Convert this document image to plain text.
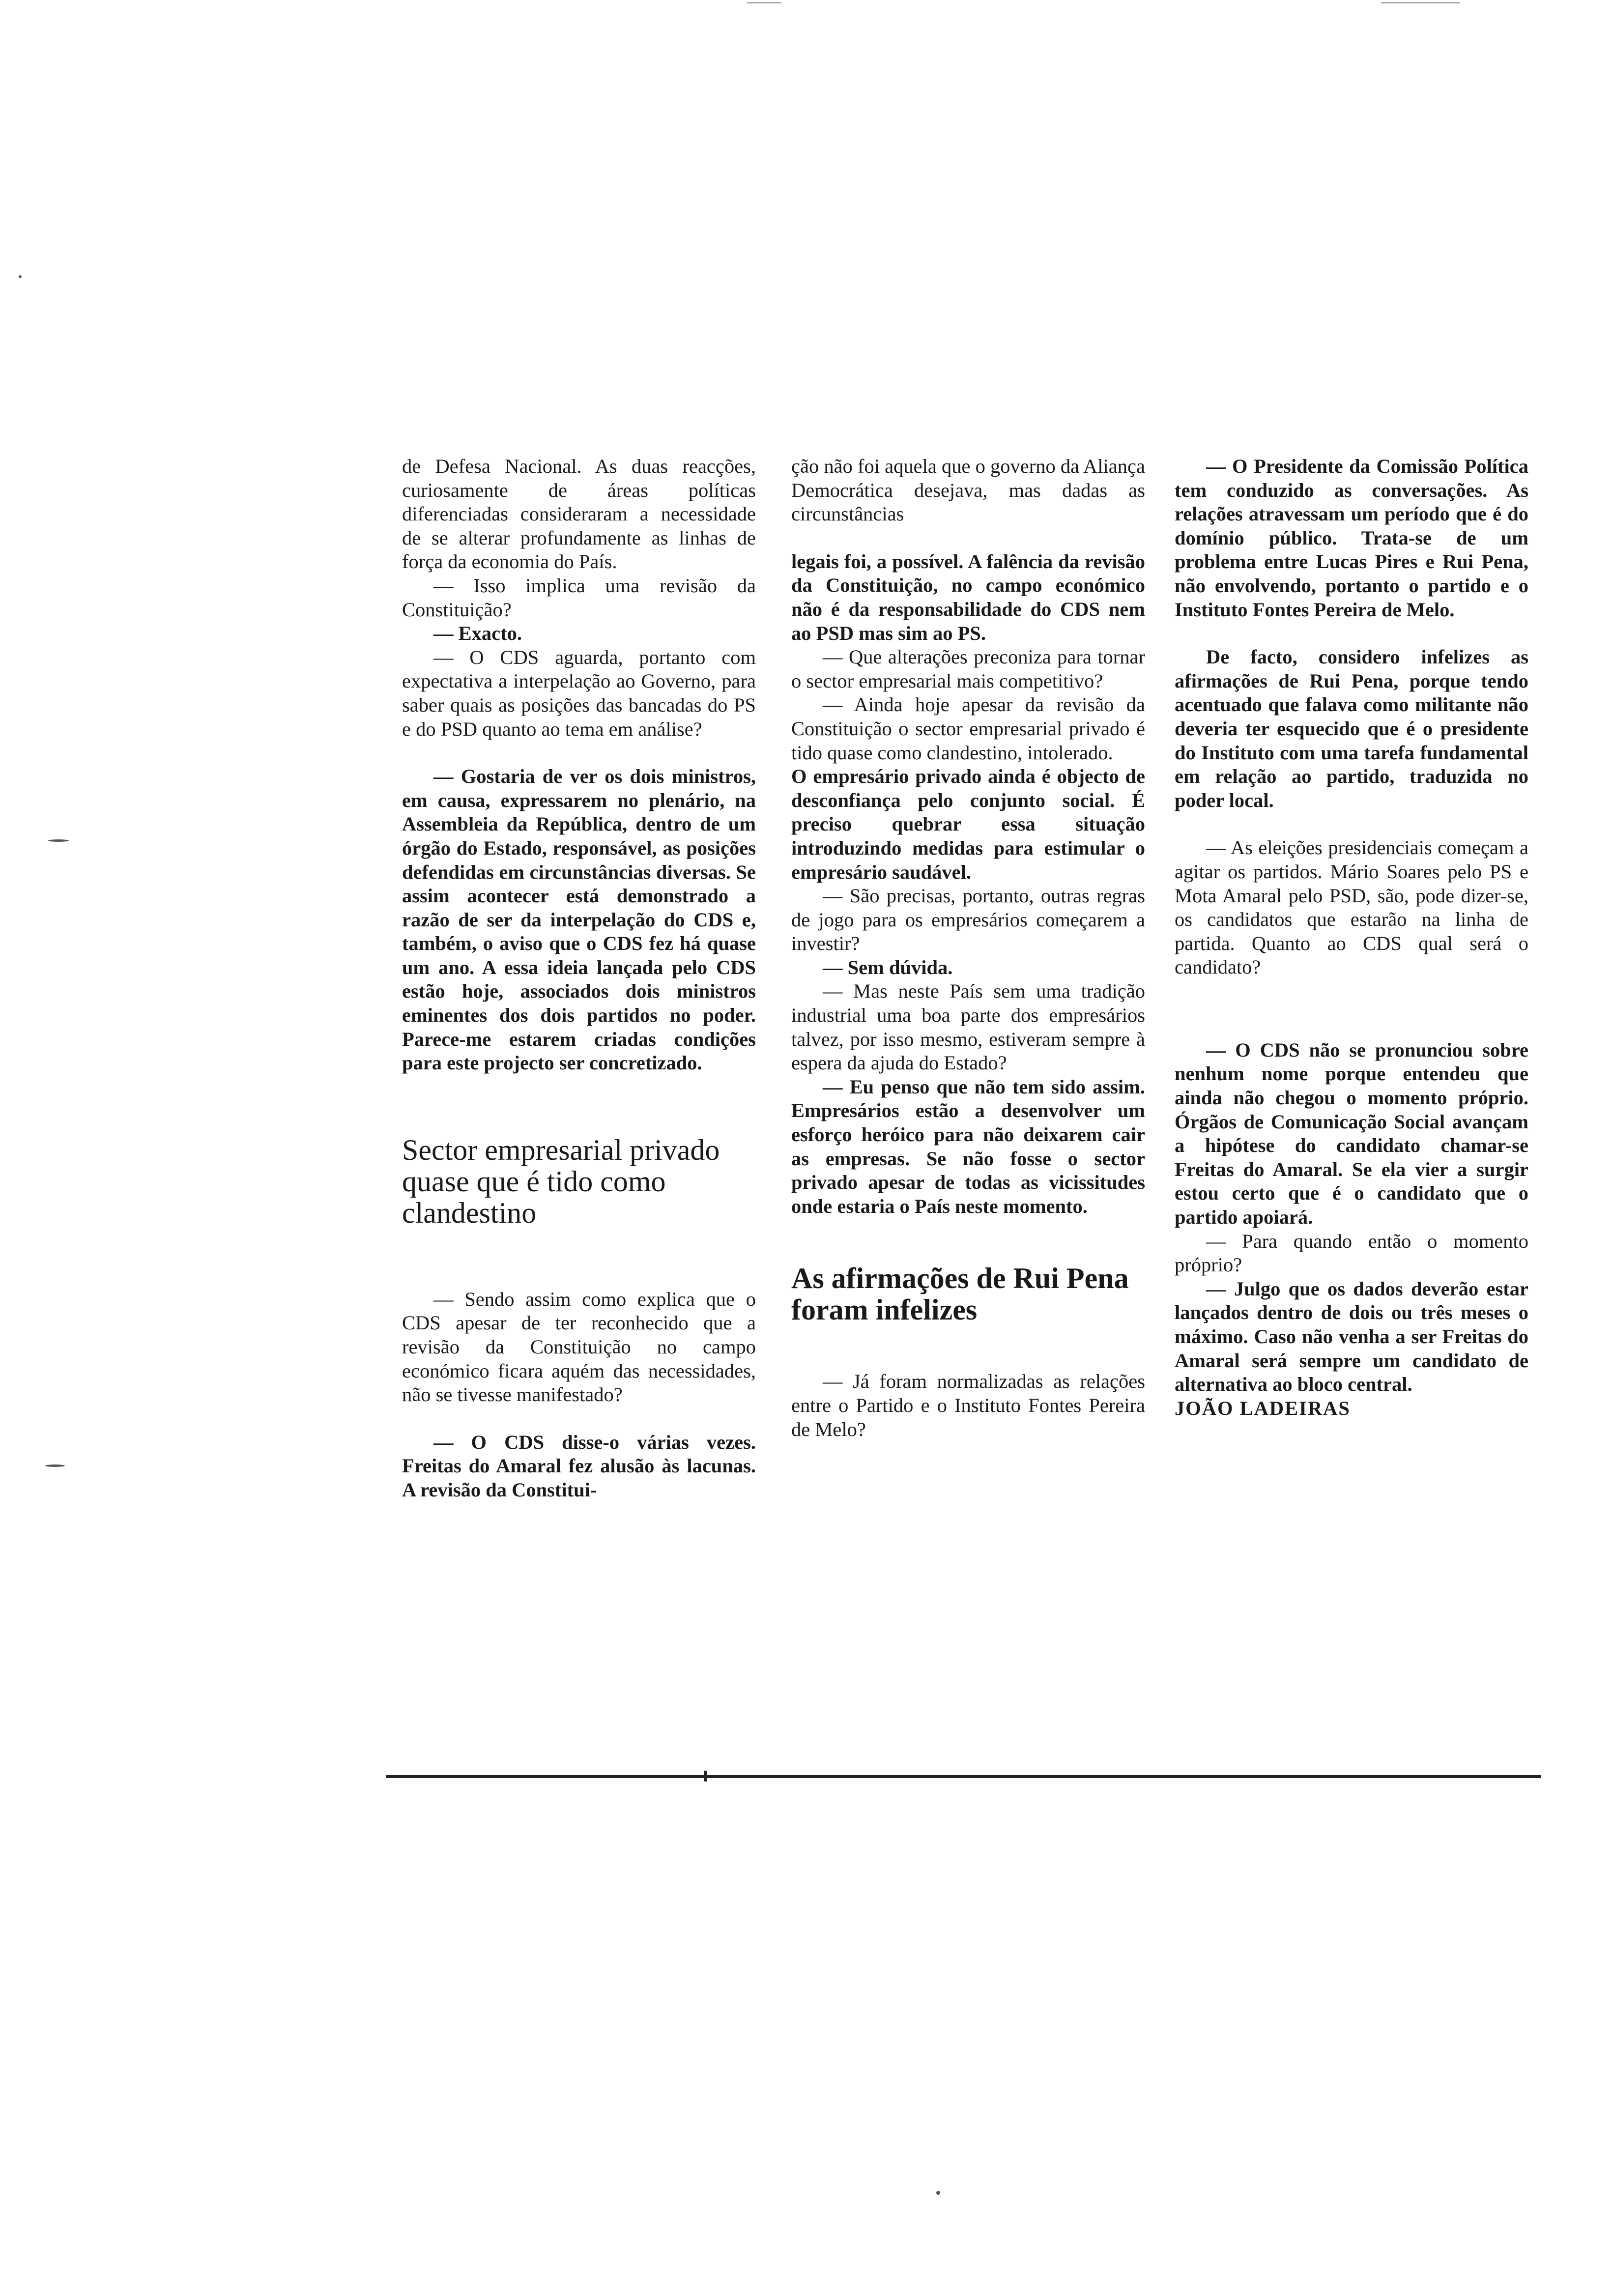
de Defesa Nacional. As duas reacções, curiosamente de áreas políticas diferenciadas consideraram a necessidade de se alterar profundamente as linhas de força da economia do País.

— Isso implica uma revisão da Constituição?

— Exacto.

— O CDS aguarda, portanto com expectativa a interpelação ao Governo, para saber quais as posições das bancadas do PS e do PSD quanto ao tema em análise?

— Gostaria de ver os dois ministros, em causa, expressarem no plenário, na Assembleia da República, dentro de um órgão do Estado, responsável, as posições defendidas em circunstâncias diversas. Se assim acontecer está demonstrado a razão de ser da interpelação do CDS e, também, o aviso que o CDS fez há quase um ano. A essa ideia lançada pelo CDS estão hoje, associados dois ministros eminentes dos dois partidos no poder. Parece-me estarem criadas condições para este projecto ser concretizado.

Sector empresarial privado quase que é tido como clandestino

— Sendo assim como explica que o CDS apesar de ter reconhecido que a revisão da Constituição no campo económico ficara aquém das necessidades, não se tivesse manifestado?

— O CDS disse-o várias vezes. Freitas do Amaral fez alusão às lacunas. A revisão da Constitui-

ção não foi aquela que o governo da Aliança Democrática desejava, mas dadas as circunstâncias

legais foi, a possível. A falência da revisão da Constituição, no campo económico não é da responsabilidade do CDS nem ao PSD mas sim ao PS.

— Que alterações preconiza para tornar o sector empresarial mais competitivo?

— Ainda hoje apesar da revisão da Constituição o sector empresarial privado é tido quase como clandestino, intolerado.

O empresário privado ainda é objecto de desconfiança pelo conjunto social. É preciso quebrar essa situação introduzindo medidas para estimular o empresário saudável.

— São precisas, portanto, outras regras de jogo para os empresários começarem a investir?

— Sem dúvida.

— Mas neste País sem uma tradição industrial uma boa parte dos empresários talvez, por isso mesmo, estiveram sempre à espera da ajuda do Estado?

— Eu penso que não tem sido assim. Empresários estão a desenvolver um esforço heróico para não deixarem cair as empresas. Se não fosse o sector privado apesar de todas as vicissitudes onde estaria o País neste momento.

As afirmações de Rui Pena foram infelizes

— Já foram normalizadas as relações entre o Partido e o Instituto Fontes Pereira de Melo?

— O Presidente da Comissão Política tem conduzido as conversações. As relações atravessam um período que é do domínio público. Trata-se de um problema entre Lucas Pires e Rui Pena, não envolvendo, portanto o partido e o Instituto Fontes Pereira de Melo.

De facto, considero infelizes as afirmações de Rui Pena, porque tendo acentuado que falava como militante não deveria ter esquecido que é o presidente do Instituto com uma tarefa fundamental em relação ao partido, traduzida no poder local.

— As eleições presidenciais começam a agitar os partidos. Mário Soares pelo PS e Mota Amaral pelo PSD, são, pode dizer-se, os candidatos que estarão na linha de partida. Quanto ao CDS qual será o candidato?

— O CDS não se pronunciou sobre nenhum nome porque entendeu que ainda não chegou o momento próprio. Órgãos de Comunicação Social avançam a hipótese do candidato chamar-se Freitas do Amaral. Se ela vier a surgir estou certo que é o candidato que o partido apoiará.

— Para quando então o momento próprio?

— Julgo que os dados deverão estar lançados dentro de dois ou três meses o máximo. Caso não venha a ser Freitas do Amaral será sempre um candidato de alternativa ao bloco central.

JOÃO LADEIRAS
